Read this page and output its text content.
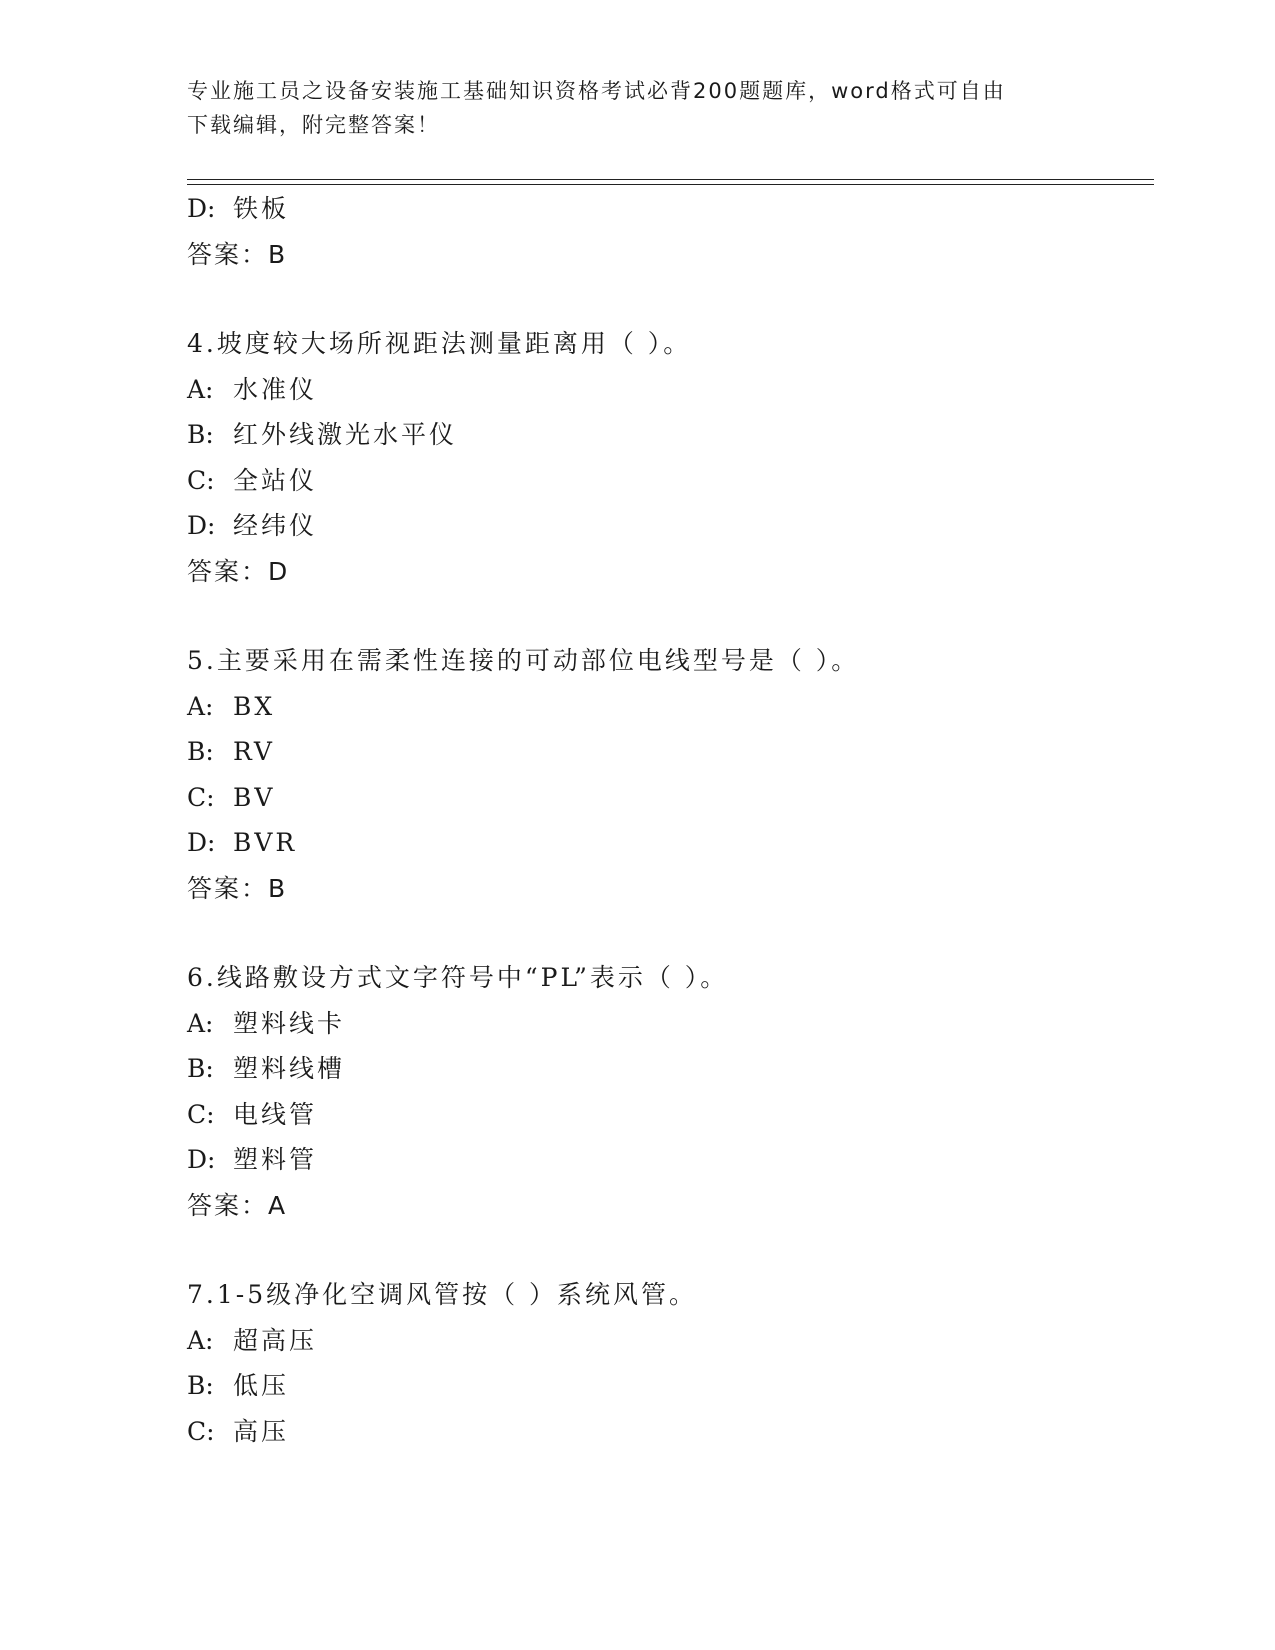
专业施工员之设备安装施工基础知识资格考试必背200题题库，word格式可自由
下载编辑，附完整答案！
D: 铁板
答案：B
4.坡度较大场所视距法测量距离用（ ）。
A: 水准仪
B: 红外线激光水平仪
C: 全站仪
D: 经纬仪
答案：D
5.主要采用在需柔性连接的可动部位电线型号是（ ）。
A: BX
B: RV
C: BV
D: BVR
答案：B
6.线路敷设方式文字符号中“PL”表示（ ）。
A: 塑料线卡
B: 塑料线槽
C: 电线管
D: 塑料管
答案：A
7.1-5级净化空调风管按（ ）系统风管。
A: 超高压
B: 低压
C: 高压
